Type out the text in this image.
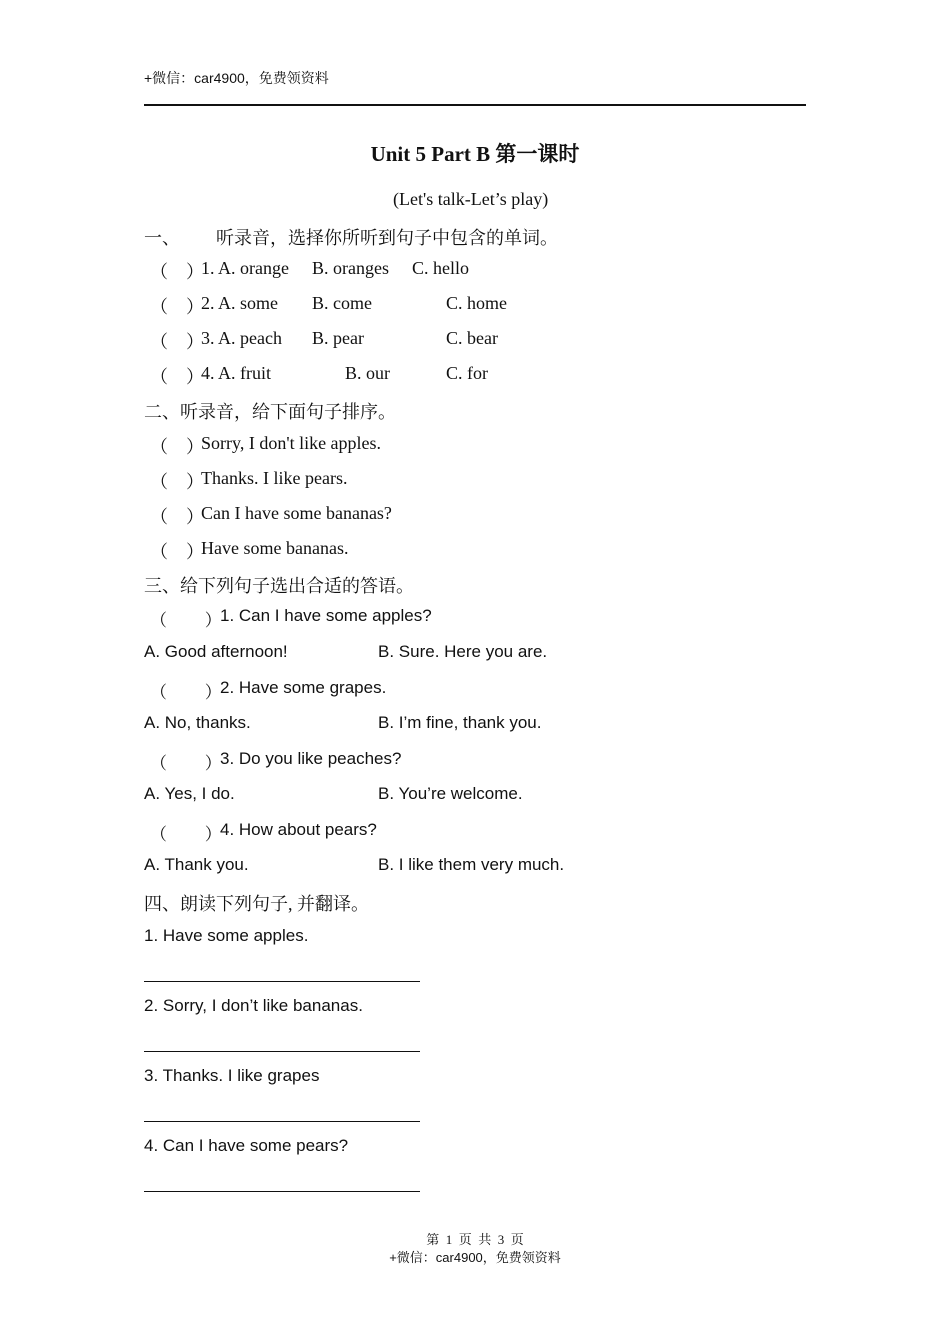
+微信：car4900，免费领资料
Unit 5 Part B 第一课时
(Let's talk-Let’s play)
一、        听录音，选择你所听到句子中包含的单词。
（    ）
1. A. orange B. oranges C. hello
（    ）
2. A. some B. come	C. home
（    ）
3. A. peach B. pear	C. bear
（    ）
4. A. fruit	B. our	C. for
二、听录音，给下面句子排序。
（    ）
Sorry, I don't like apples.
（    ）
Thanks. I like pears.
（    ）
Can I have some bananas?
（    ）
Have some bananas.
三、给下列句子选出合适的答语。
（        ）
1. Can I have some apples?
A. Good afternoon!	B. Sure. Here you are.
（        ）
2. Have some grapes.
A. No, thanks.	B. I’m fine, thank you.
（        ）
3. Do you like peaches?
A. Yes, I do.	B. You’re welcome.
（        ）
4. How about pears?
A. Thank you.	B. I like them very much.
四、朗读下列句子, 并翻译。
1. Have some apples.
2. Sorry, I don’t like bananas.
3. Thanks. I like grapes
4. Can I have some pears?
第  1  页  共  3  页
+微信：car4900，免费领资料
